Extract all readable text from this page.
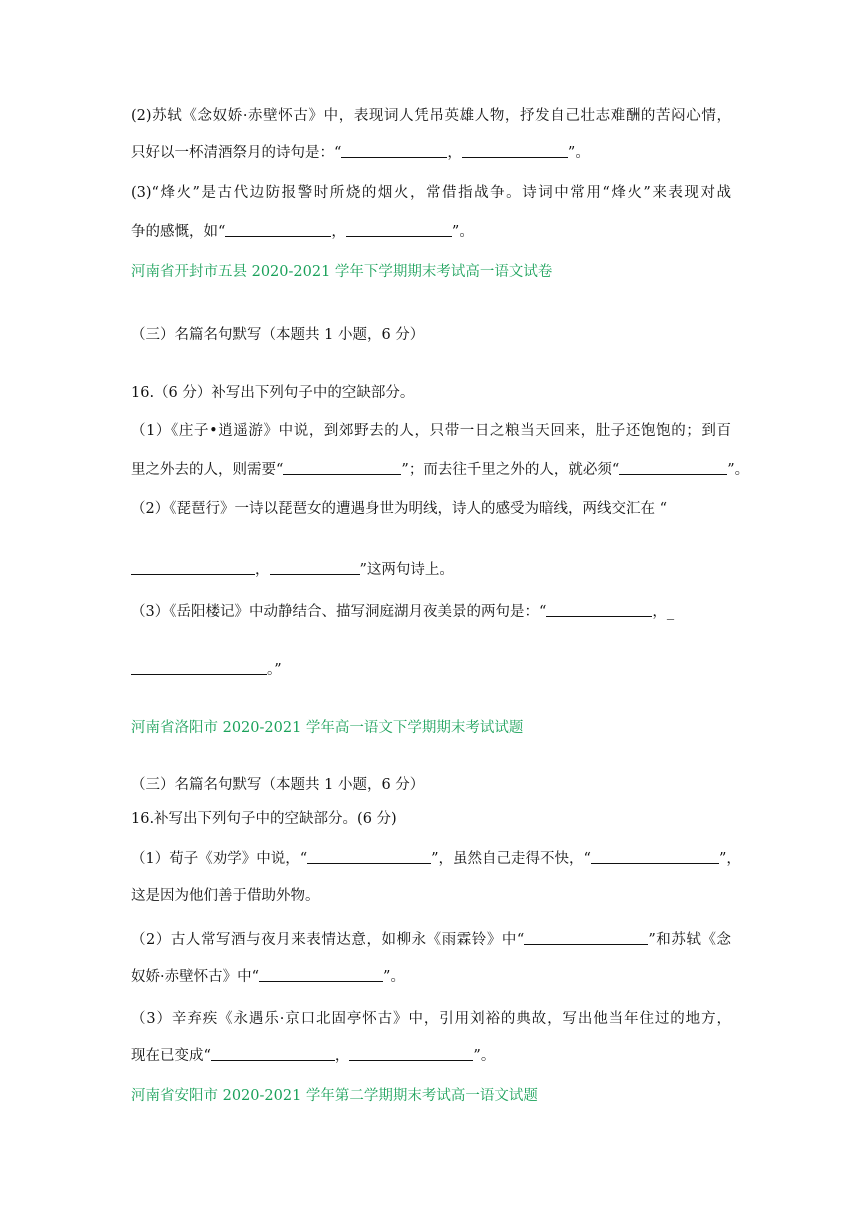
(2)苏轼《念奴娇·赤壁怀古》中，表现词人凭吊英雄人物，抒发自己壮志难酬的苦闷心情，
只好以一杯清酒祭月的诗句是：“	，	”。
(3)“烽火”是古代边防报警时所烧的烟火，常借指战争。诗词中常用“烽火”来表现对战
争的感慨，如“	，	”。
河南省开封市五县 2020-2021 学年下学期期末考试高一语文试卷
（三）名篇名句默写（本题共 1 小题，6 分）
16.（6 分）补写出下列句子中的空缺部分。
（1）《庄子•逍遥游》中说，到郊野去的人，只带一日之粮当天回来，肚子还饱饱的；到百
里之外去的人，则需要“	”；而去往千里之外的人，就必须“	”。
（2）《琵琶行》一诗以琵琶女的遭遇身世为明线，诗人的感受为暗线，两线交汇在 “
，	”这两句诗上。
（3）《岳阳楼记》中动静结合、描写洞庭湖月夜美景的两句是：“	，_
。”
河南省洛阳市 2020-2021 学年高一语文下学期期末考试试题
（三）名篇名句默写（本题共 1 小题，6 分）
16.补写出下列句子中的空缺部分。(6 分)
（1）荀子《劝学》中说，“	”，虽然自己走得不快，“	”，
这是因为他们善于借助外物。
（2）古人常写酒与夜月来表情达意，如柳永《雨霖铃》中“	”和苏轼《念
奴娇·赤壁怀古》中“	”。
（3）辛弃疾《永遇乐·京口北固亭怀古》中，引用刘裕的典故，写出他当年住过的地方，
现在已变成“	，	”。
河南省安阳市 2020-2021 学年第二学期期末考试高一语文试题
